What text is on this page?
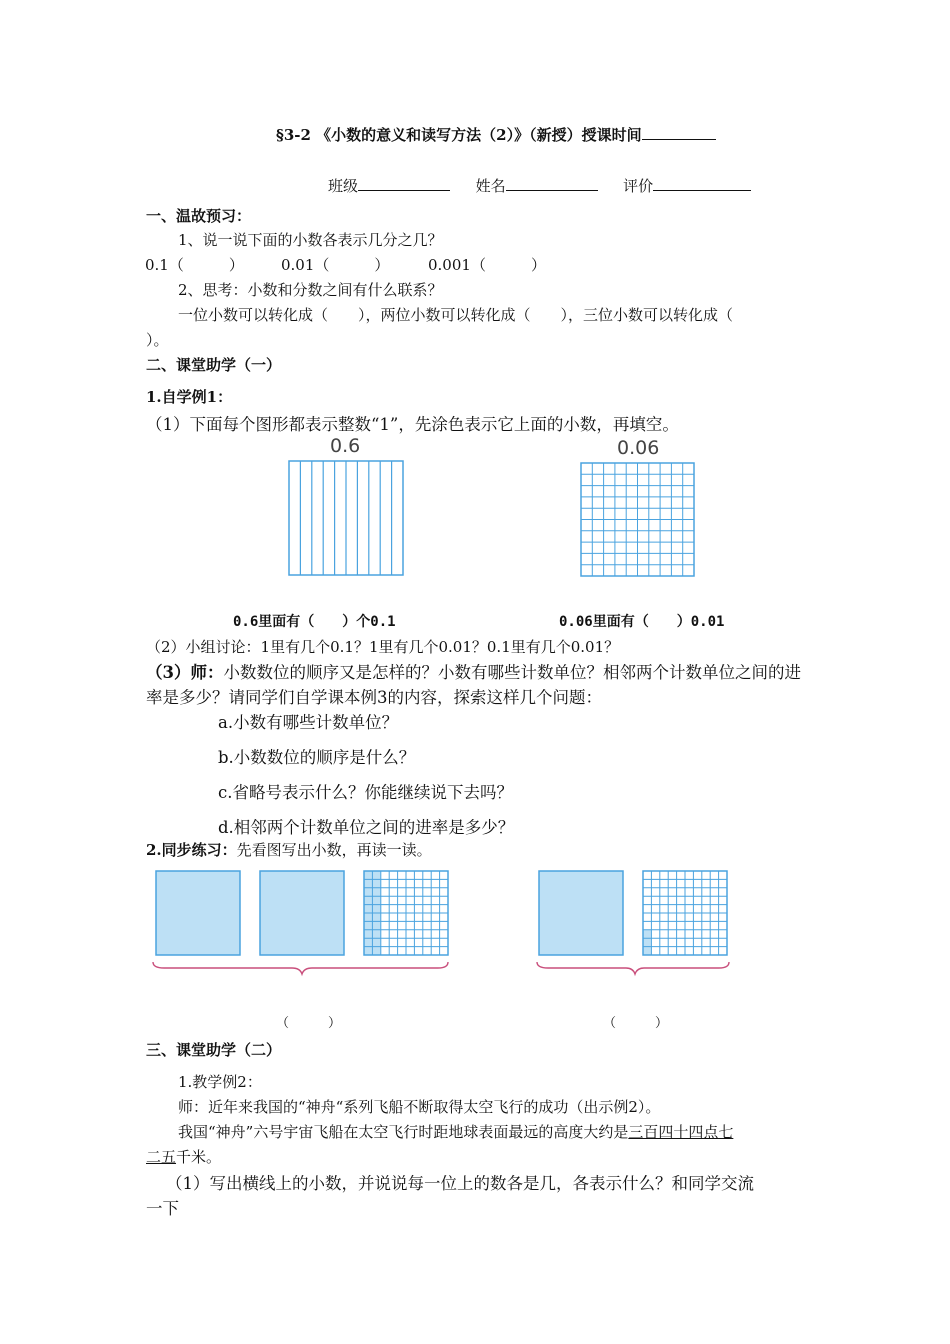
§3-2 《小数的意义和读写方法（2）》（新授）授课时间
班级	姓名	评价
一、温故预习：
1、说一说下面的小数各表示几分之几？
0.1（　　　） 0.01（　　　）	0.001（　　　）
2、思考：小数和分数之间有什么联系？
一位小数可以转化成（　　），两位小数可以转化成（　　），三位小数可以转化成（
）。
二、课堂助学（一）
1.自学例1：
（1）下面每个图形都表示整数“1”，先涂色表示它上面的小数，再填空。
0.6	0.06
0.6里面有（　　）个0.1	0.06里面有（　　）0.01
（2）小组讨论：1里有几个0.1？1里有几个0.01？0.1里有几个0.01？
（3）师：小数数位的顺序又是怎样的？小数有哪些计数单位？相邻两个计数单位之间的进
率是多少？请同学们自学课本例3的内容，探索这样几个问题：
a.小数有哪些计数单位？
b.小数数位的顺序是什么？
c.省略号表示什么？你能继续说下去吗？
d.相邻两个计数单位之间的进率是多少？
2.同步练习：先看图写出小数，再读一读。
（　　　）	（　　　）
三、课堂助学（二）
1.教学例2：
师：近年来我国的“神舟“系列飞船不断取得太空飞行的成功（出示例2）。
我国“神舟”六号宇宙飞船在太空飞行时距地球表面最远的高度大约是三百四十四点七
二五千米。
（1）写出横线上的小数，并说说每一位上的数各是几，各表示什么？和同学交流
一下
